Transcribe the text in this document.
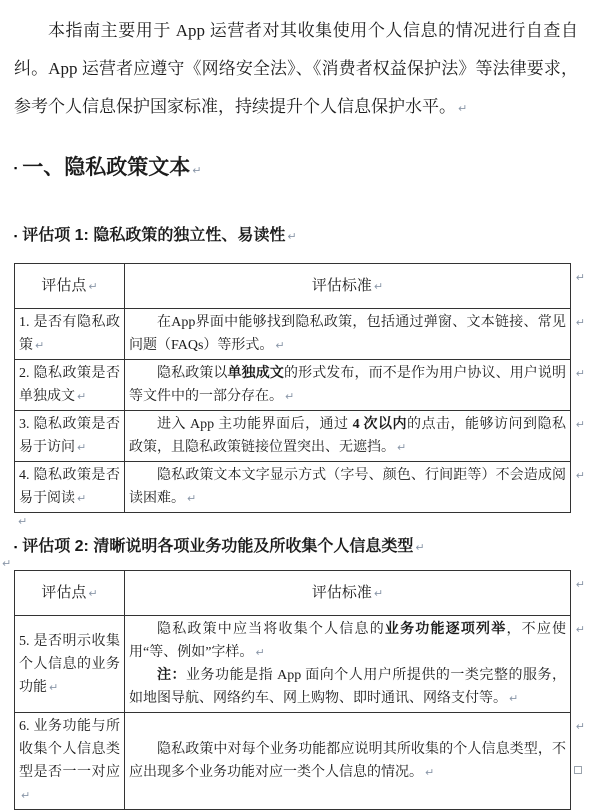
本指南主要用于 App 运营者对其收集使用个人信息的情况进行自查自纠。App 运营者应遵守《网络安全法》、《消费者权益保护法》等法律要求，参考个人信息保护国家标准，持续提升个人信息保护水平。 ↵

▪ 一、隐私政策文本 ↵
▪ 评估项 1: 隐私政策的独立性、易读性 ↵
评估点 ↵	评估标准 ↵
↵

1. 是否有隐私政策 ↵	在App界面中能够找到隐私政策，包括通过弹窗、文本链接、常见问题（FAQs）等形式。 ↵

↵

2. 隐私政策是否单独成文 ↵	隐私政策以单独成文的形式发布，而不是作为用户协议、用户说明等文件中的一部分存在。 ↵

↵

3. 隐私政策是否易于访问 ↵	进入 App 主功能界面后，通过 4 次以内的点击，能够访问到隐私政策，且隐私政策链接位置突出、无遮挡。 ↵

↵

4. 隐私政策是否易于阅读 ↵	隐私政策文本文字显示方式（字号、颜色、行间距等）不会造成阅读困难。 ↵

↵
↵
▪ 评估项 2: 清晰说明各项业务功能及所收集个人信息类型 ↵
↵
评估点 ↵	评估标准 ↵
↵

5. 是否明示收集个人信息的业务功能 ↵	隐私政策中应当将收集个人信息的业务功能逐项列举，不应使用“等、例如”字样。 ↵

注：业务功能是指 App 面向个人用户所提供的一类完整的服务，如地图导航、网络约车、网上购物、即时通讯、网络支付等。 ↵

↵

6. 业务功能与所收集个人信息类型是否一一对应↵	隐私政策中对每个业务功能都应说明其所收集的个人信息类型，不应出现多个业务功能对应一类个人信息的情况。 ↵

↵
